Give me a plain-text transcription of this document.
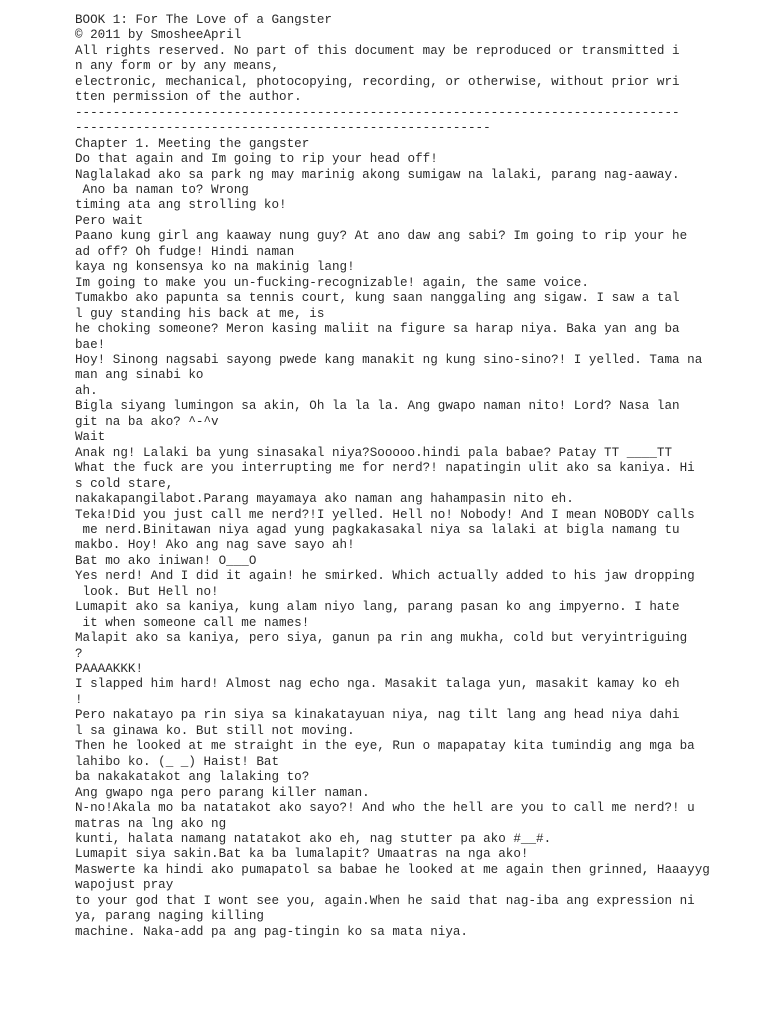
BOOK 1: For The Love of a Gangster
© 2011 by SmosheeApril
All rights reserved. No part of this document may be reproduced or transmitted i
n any form or by any means,
electronic, mechanical, photocopying, recording, or otherwise, without prior wri
tten permission of the author.
--------------------------------------------------------------------------------
-------------------------------------------------------
Chapter 1. Meeting the gangster
Do that again and Im going to rip your head off!
Naglalakad ako sa park ng may marinig akong sumigaw na lalaki, parang nag-aaway.
Ano ba naman to? Wrong
timing ata ang strolling ko!
Pero wait
Paano kung girl ang kaaway nung guy? At ano daw ang sabi? Im going to rip your he
ad off? Oh fudge! Hindi naman
kaya ng konsensya ko na makinig lang!
Im going to make you un-fucking-recognizable! again, the same voice.
Tumakbo ako papunta sa tennis court, kung saan nanggaling ang sigaw. I saw a tal
l guy standing his back at me, is
he choking someone? Meron kasing maliit na figure sa harap niya. Baka yan ang ba
bae!
Hoy! Sinong nagsabi sayong pwede kang manakit ng kung sino-sino?! I yelled. Tama na
man ang sinabi ko
ah.
Bigla siyang lumingon sa akin, Oh la la la. Ang gwapo naman nito! Lord? Nasa lan
git na ba ako? ^-^v
Wait
Anak ng! Lalaki ba yung sinasakal niya?Sooooo.hindi pala babae? Patay TT ____TT
What the fuck are you interrupting me for nerd?! napatingin ulit ako sa kaniya. Hi
s cold stare,
nakakapangilabot.Parang mayamaya ako naman ang hahampasin nito eh.
Teka!Did you just call me nerd?!I yelled. Hell no! Nobody! And I mean NOBODY calls
me nerd.Binitawan niya agad yung pagkakasakal niya sa lalaki at bigla namang tu
makbo. Hoy! Ako ang nag save sayo ah!
Bat mo ako iniwan! O___O
Yes nerd! And I did it again! he smirked. Which actually added to his jaw dropping
look. But Hell no!
Lumapit ako sa kaniya, kung alam niyo lang, parang pasan ko ang impyerno. I hate
it when someone call me names!
Malapit ako sa kaniya, pero siya, ganun pa rin ang mukha, cold but veryintriguing
?
PAAAAKKK!
I slapped him hard! Almost nag echo nga. Masakit talaga yun, masakit kamay ko eh
!
Pero nakatayo pa rin siya sa kinakatayuan niya, nag tilt lang ang head niya dahi
l sa ginawa ko. But still not moving.
Then he looked at me straight in the eye, Run o mapapatay kita tumindig ang mga ba
lahibo ko. (_ _) Haist! Bat
ba nakakatakot ang lalaking to?
Ang gwapo nga pero parang killer naman.
N-no!Akala mo ba natatakot ako sayo?! And who the hell are you to call me nerd?! u
matras na lng ako ng
kunti, halata namang natatakot ako eh, nag stutter pa ako #__#.
Lumapit siya sakin.Bat ka ba lumalapit? Umaatras na nga ako!
Maswerte ka hindi ako pumapatol sa babae he looked at me again then grinned, Haaayyg
wapojust pray
to your god that I wont see you, again.When he said that nag-iba ang expression ni
ya, parang naging killing
machine. Naka-add pa ang pag-tingin ko sa mata niya.
